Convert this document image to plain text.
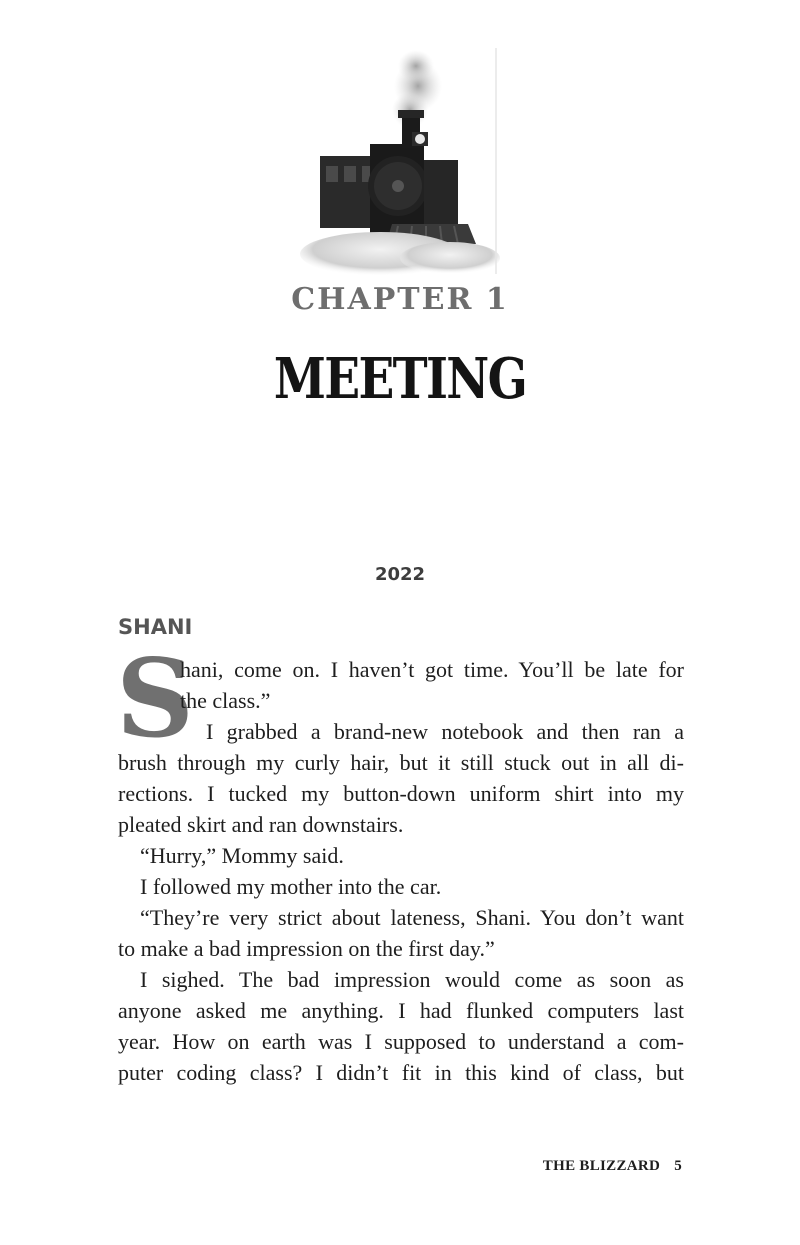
CHAPTER 1
MEETING
2022
SHANI
S
hani, come on. I haven’t got time. You’ll be late for
the class.”
I grabbed a brand-new notebook and then ran a
brush through my curly hair, but it still stuck out in all di-
rections. I tucked my button-down uniform shirt into my
pleated skirt and ran downstairs.
“Hurry,” Mommy said.
I followed my mother into the car.
“They’re very strict about lateness, Shani. You don’t want
to make a bad impression on the first day.”
I sighed. The bad impression would come as soon as
anyone asked me anything. I had flunked computers last
year. How on earth was I supposed to understand a com-
puter coding class? I didn’t fit in this kind of class, but
THE BLIZZARD 5
